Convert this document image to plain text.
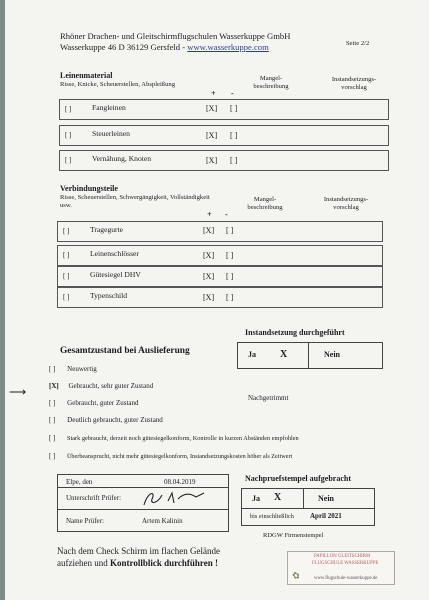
Rhöner Drachen- und Gleitschirmflugschulen Wasserkuppe GmbH
Wasserkuppe 46 D 36129 Gersfeld - www.wasserkuppe.com	Seite 2/2
Leinenmaterial
Risse, Knicke, Scheuerstellen, Abspleißung
Mangel-
beschreibung
Instandsetzungs-
vorschlag
+ -
[ ]	Fangleinen	[X] [ ]
[ ]	Steuerleinen	[X] [ ]
[ ]	Vernähung, Knoten	[X] [ ]
Verbindungsteile
Risse, Scheuerstellen, Schwergängigkeit, Vollständigkeit usw.
Mangel-
beschreibung
Instandsetzungs-
vorschlag
+ -
[ ]	Tragegurte	[X] [ ]
[ ]	Leinenschlösser	[X] [ ]
[ ]	Gütesiegel DHV	[X] [ ]
[ ]	Typenschild	[X] [ ]
Instandsetzung durchgeführt
Ja X	Nein
Gesamtzustand bei Auslieferung
[ ] Neuwertig
⟶	[X] Gebraucht, sehr guter Zustand
[ ] Gebraucht, guter Zustand
Nachgetrimmt
[ ] Deutlich gebraucht, guter Zustand
[ ] Stark gebraucht, derzeit noch gütesiegelkonform, Kontrolle in kurzen Abständen empfohlen
[ ] Überbeansprucht, nicht mehr gütesiegelkonform, Instandsetzungskosten höher als Zeitwert
Elpe, den	08.04.2019
Unterschrift Prüfer:
Name Prüfer:	Artem Kalinin
Nachpruefstempel aufgebracht
Ja X	Nein
bis einschließlich April 2021
RDGW Firmenstempel
Nach dem Check Schirm im flachen Gelände
aufziehen und Kontrollblick durchführen !
✿
PAPILLON GLEITSCHIRM
FLUGSCHULE WASSERKUPPE
www.flugschule-wasserkuppe.de
